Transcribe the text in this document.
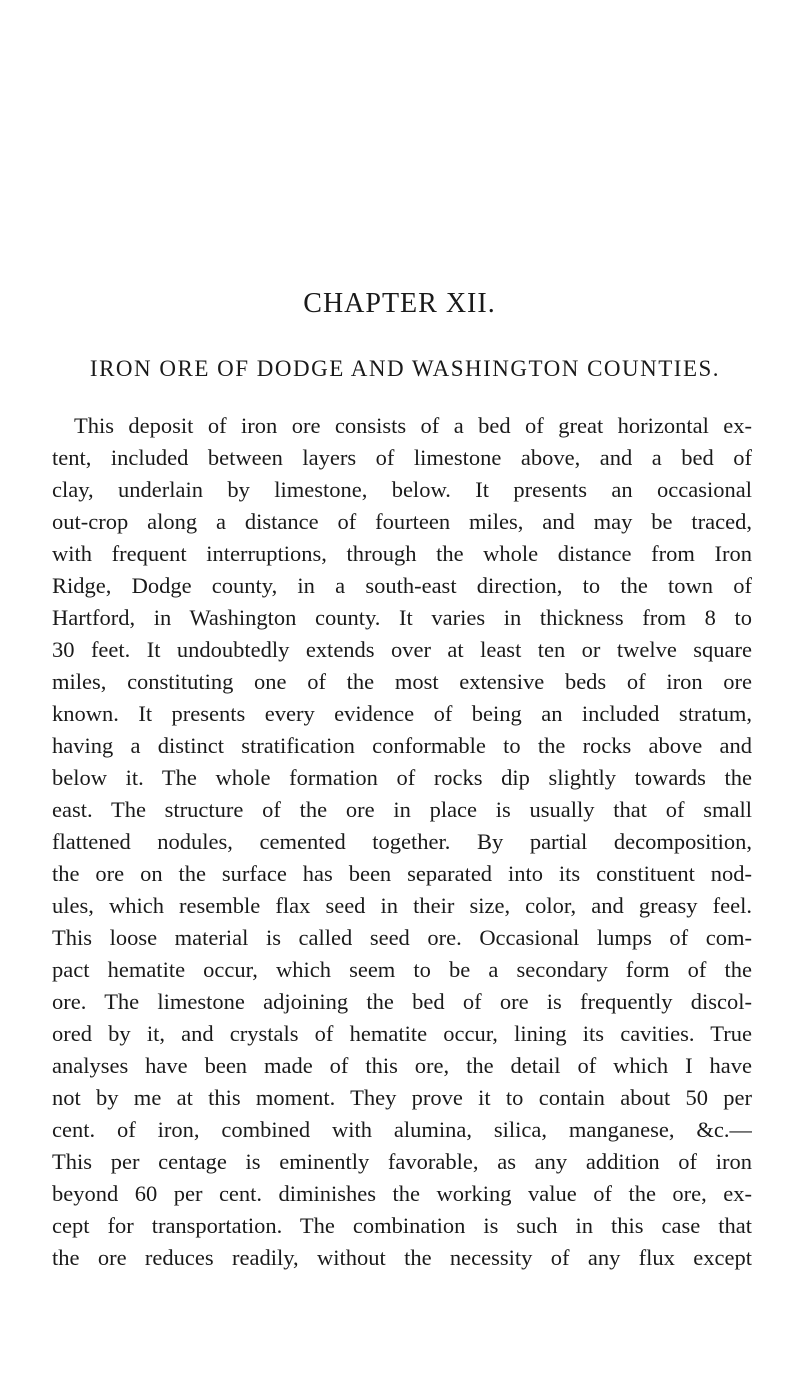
CHAPTER XII.
IRON ORE OF DODGE AND WASHINGTON COUNTIES.
This deposit of iron ore consists of a bed of great horizontal ex-
tent, included between layers of limestone above, and a bed of
clay, underlain by limestone, below. It presents an occasional
out-crop along a distance of fourteen miles, and may be traced,
with frequent interruptions, through the whole distance from Iron
Ridge, Dodge county, in a south-east direction, to the town of
Hartford, in Washington county. It varies in thickness from 8 to
30 feet. It undoubtedly extends over at least ten or twelve square
miles, constituting one of the most extensive beds of iron ore
known. It presents every evidence of being an included stratum,
having a distinct stratification conformable to the rocks above and
below it. The whole formation of rocks dip slightly towards the
east. The structure of the ore in place is usually that of small
flattened nodules, cemented together. By partial decomposition,
the ore on the surface has been separated into its constituent nod-
ules, which resemble flax seed in their size, color, and greasy feel.
This loose material is called seed ore. Occasional lumps of com-
pact hematite occur, which seem to be a secondary form of the
ore. The limestone adjoining the bed of ore is frequently discol-
ored by it, and crystals of hematite occur, lining its cavities. True
analyses have been made of this ore, the detail of which I have
not by me at this moment. They prove it to contain about 50 per
cent. of iron, combined with alumina, silica, manganese, &c.—
This per centage is eminently favorable, as any addition of iron
beyond 60 per cent. diminishes the working value of the ore, ex-
cept for transportation. The combination is such in this case that
the ore reduces readily, without the necessity of any flux except
